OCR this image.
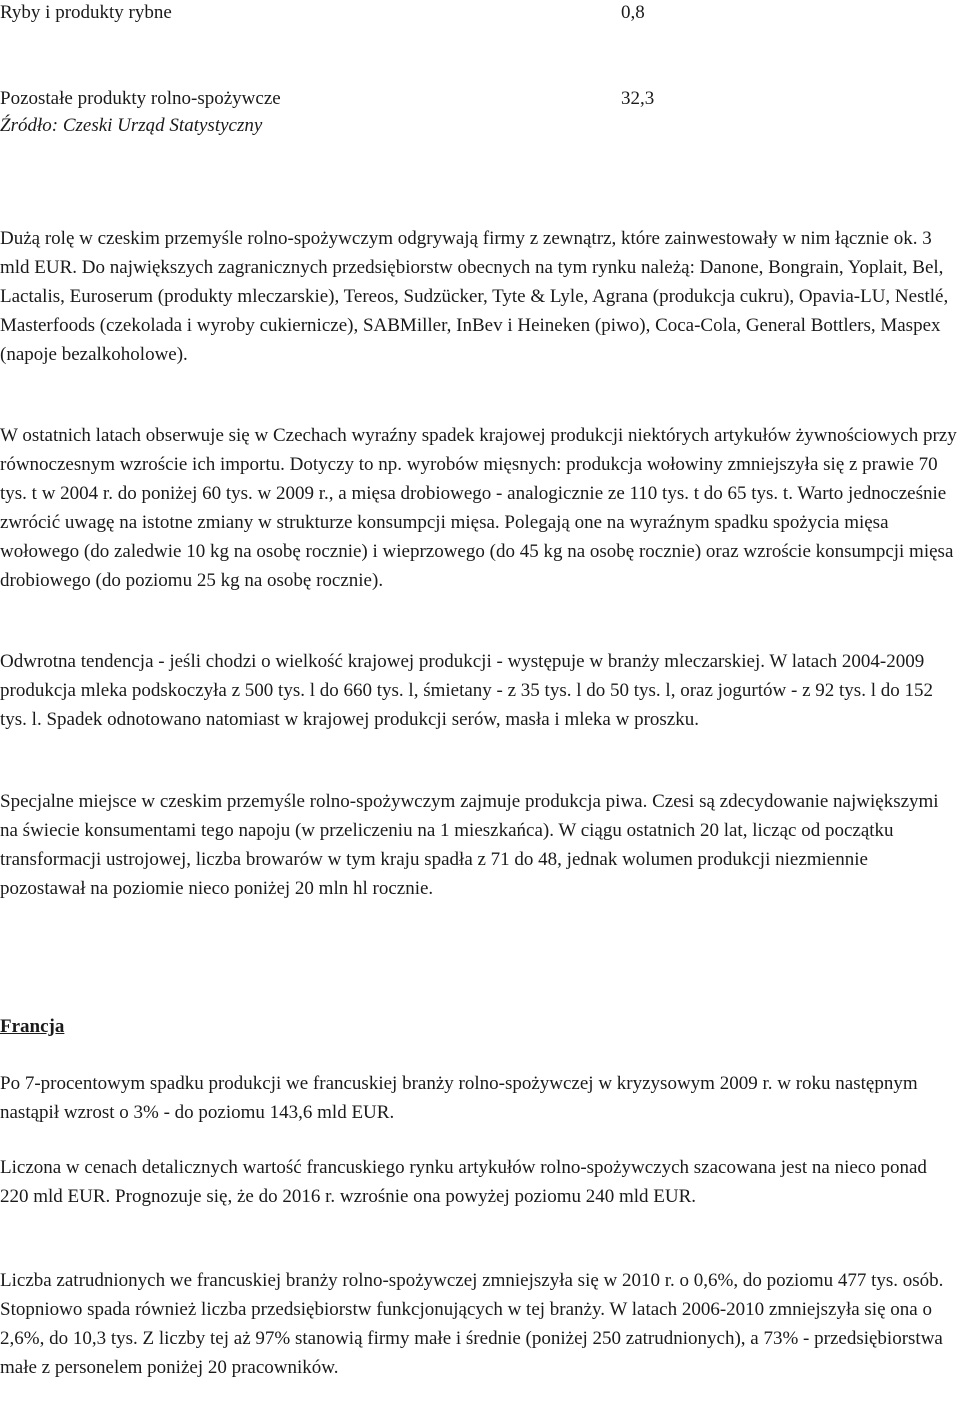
Ryby i produkty rybne	0,8
Pozostałe produkty rolno-spożywcze	32,3
Źródło: Czeski Urząd Statystyczny

Dużą rolę w czeskim przemyśle rolno-spożywczym odgrywają firmy z zewnątrz, które zainwestowały w nim łącznie ok. 3 mld EUR. Do największych zagranicznych przedsiębiorstw obecnych na tym rynku należą: Danone, Bongrain, Yoplait, Bel, Lactalis, Euroserum (produkty mleczarskie), Tereos, Sudzücker, Tyte & Lyle, Agrana (produkcja cukru), Opavia-LU, Nestlé, Masterfoods (czekolada i wyroby cukiernicze), SABMiller, InBev i Heineken (piwo), Coca-Cola, General Bottlers, Maspex (napoje bezalkoholowe).

W ostatnich latach obserwuje się w Czechach wyraźny spadek krajowej produkcji niektórych artykułów żywnościowych przy równoczesnym wzroście ich importu. Dotyczy to np. wyrobów mięsnych: produkcja wołowiny zmniejszyła się z prawie 70 tys. t w 2004 r. do poniżej 60 tys. w 2009 r., a mięsa drobiowego - analogicznie ze 110 tys. t do 65 tys. t. Warto jednocześnie zwrócić uwagę na istotne zmiany w strukturze konsumpcji mięsa. Polegają one na wyraźnym spadku spożycia mięsa wołowego (do zaledwie 10 kg na osobę rocznie) i wieprzowego (do 45 kg na osobę rocznie) oraz wzroście konsumpcji mięsa drobiowego (do poziomu 25 kg na osobę rocznie).

Odwrotna tendencja - jeśli chodzi o wielkość krajowej produkcji - występuje w branży mleczarskiej. W latach 2004-2009 produkcja mleka podskoczyła z 500 tys. l do 660 tys. l, śmietany - z 35 tys. l do 50 tys. l, oraz jogurtów - z 92 tys. l do 152 tys. l. Spadek odnotowano natomiast w krajowej produkcji serów, masła i mleka w proszku.

Specjalne miejsce w czeskim przemyśle rolno-spożywczym zajmuje produkcja piwa. Czesi są zdecydowanie największymi na świecie konsumentami tego napoju (w przeliczeniu na 1 mieszkańca). W ciągu ostatnich 20 lat, licząc od początku transformacji ustrojowej, liczba browarów w tym kraju spadła z 71 do 48, jednak wolumen produkcji niezmiennie pozostawał na poziomie nieco poniżej 20 mln hl rocznie.

Francja

Po 7-procentowym spadku produkcji we francuskiej branży rolno-spożywczej w kryzysowym 2009 r. w roku następnym nastąpił wzrost o 3% - do poziomu 143,6 mld EUR.

Liczona w cenach detalicznych wartość francuskiego rynku artykułów rolno-spożywczych szacowana jest na nieco ponad 220 mld EUR. Prognozuje się, że do 2016 r. wzrośnie ona powyżej poziomu 240 mld EUR.

Liczba zatrudnionych we francuskiej branży rolno-spożywczej zmniejszyła się w 2010 r. o 0,6%, do poziomu 477 tys. osób. Stopniowo spada również liczba przedsiębiorstw funkcjonujących w tej branży. W latach 2006-2010 zmniejszyła się ona o 2,6%, do 10,3 tys. Z liczby tej aż 97% stanowią firmy małe i średnie (poniżej 250 zatrudnionych), a 73% - przedsiębiorstwa małe z personelem poniżej 20 pracowników.
